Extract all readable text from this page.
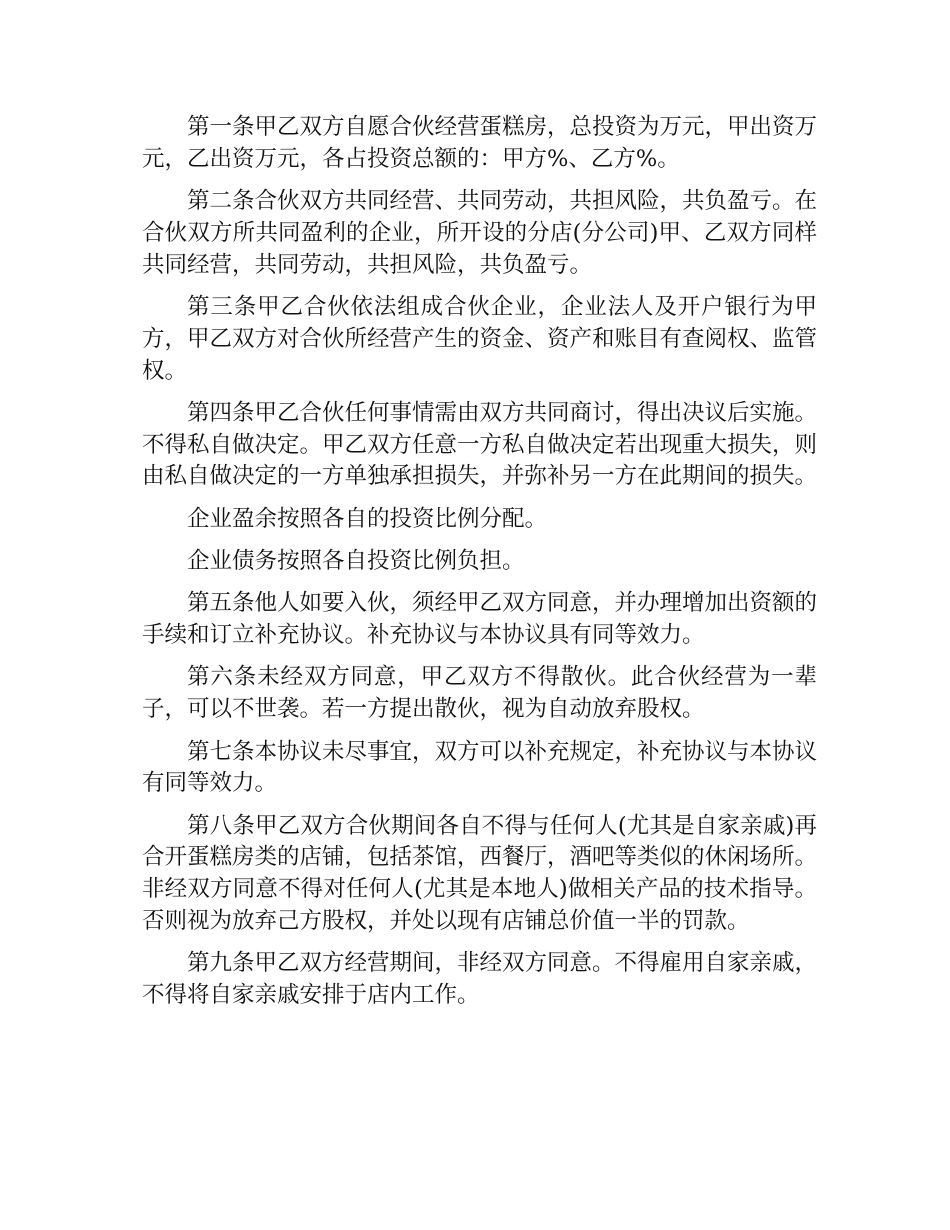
第一条甲乙双方自愿合伙经营蛋糕房，总投资为万元，甲出资万元，乙出资万元，各占投资总额的：甲方%、乙方%。

第二条合伙双方共同经营、共同劳动，共担风险，共负盈亏。在合伙双方所共同盈利的企业，所开设的分店(分公司)甲、乙双方同样共同经营，共同劳动，共担风险，共负盈亏。

第三条甲乙合伙依法组成合伙企业，企业法人及开户银行为甲方，甲乙双方对合伙所经营产生的资金、资产和账目有查阅权、监管权。

第四条甲乙合伙任何事情需由双方共同商讨，得出决议后实施。不得私自做决定。甲乙双方任意一方私自做决定若出现重大损失，则由私自做决定的一方单独承担损失，并弥补另一方在此期间的损失。

企业盈余按照各自的投资比例分配。

企业债务按照各自投资比例负担。

第五条他人如要入伙，须经甲乙双方同意，并办理增加出资额的手续和订立补充协议。补充协议与本协议具有同等效力。

第六条未经双方同意，甲乙双方不得散伙。此合伙经营为一辈子，可以不世袭。若一方提出散伙，视为自动放弃股权。

第七条本协议未尽事宜，双方可以补充规定，补充协议与本协议有同等效力。

第八条甲乙双方合伙期间各自不得与任何人(尤其是自家亲戚)再合开蛋糕房类的店铺，包括茶馆，西餐厅，酒吧等类似的休闲场所。非经双方同意不得对任何人(尤其是本地人)做相关产品的技术指导。否则视为放弃己方股权，并处以现有店铺总价值一半的罚款。

第九条甲乙双方经营期间，非经双方同意。不得雇用自家亲戚，不得将自家亲戚安排于店内工作。
